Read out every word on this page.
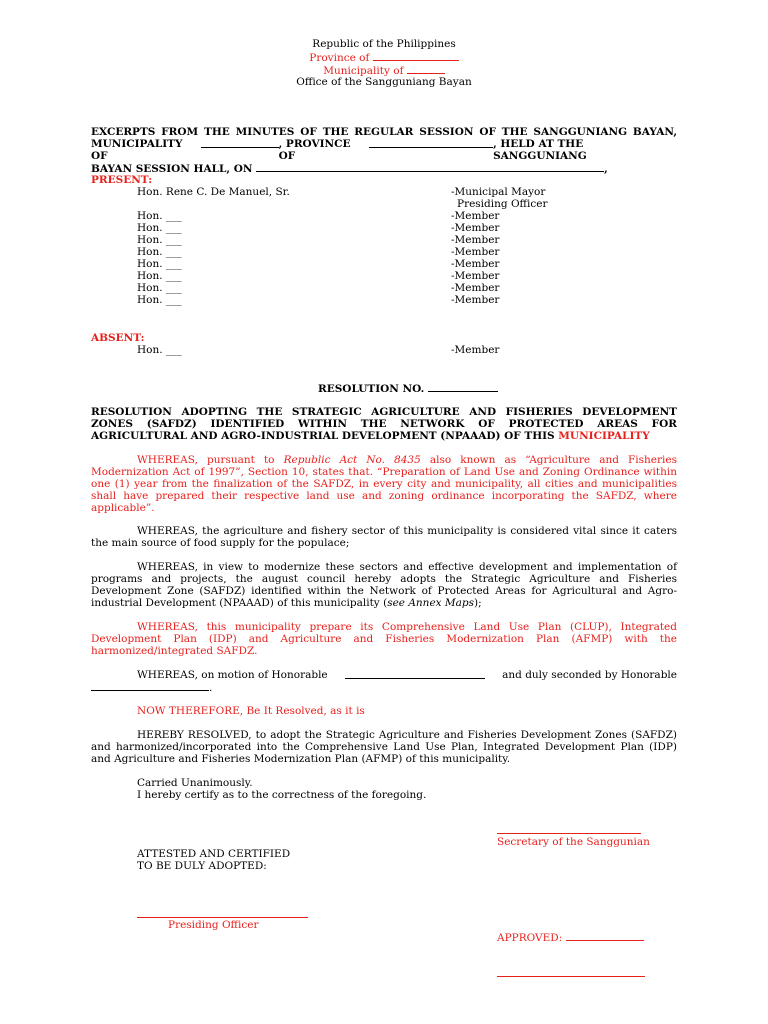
Republic of the Philippines
Province of
Municipality of
Office of the Sangguniang Bayan
EXCERPTS FROM THE MINUTES OF THE REGULAR SESSION OF THE SANGGUNIANG BAYAN,
MUNICIPALITY OF
, PROVINCE OF
, HELD AT THE SANGGUNIANG
BAYAN SESSION HALL, ON	,
PRESENT:
Hon. Rene C. De Manuel, Sr.	-Municipal Mayor
Presiding Officer
Hon. ___	-Member
Hon. ___	-Member
Hon. ___	-Member
Hon. ___	-Member
Hon. ___	-Member
Hon. ___	-Member
Hon. ___	-Member
Hon. ___	-Member
ABSENT:
Hon. ___	-Member
RESOLUTION NO.
RESOLUTION ADOPTING THE STRATEGIC AGRICULTURE AND FISHERIES DEVELOPMENT ZONES (SAFDZ) IDENTIFIED WITHIN THE NETWORK OF PROTECTED AREAS FOR AGRICULTURAL AND AGRO-INDUSTRIAL DEVELOPMENT (NPAAAD) OF THIS MUNICIPALITY
WHEREAS, pursuant to Republic Act No. 8435 also known as “Agriculture and Fisheries Modernization Act of 1997”, Section 10, states that. “Preparation of Land Use and Zoning Ordinance within one (1) year from the finalization of the SAFDZ, in every city and municipality, all cities and municipalities shall have prepared their respective land use and zoning ordinance incorporating the SAFDZ, where applicable”.
WHEREAS, the agriculture and fishery sector of this municipality is considered vital since it caters the main source of food supply for the populace;
WHEREAS, in view to modernize these sectors and effective development and implementation of programs and projects, the august council hereby adopts the Strategic Agriculture and Fisheries Development Zone (SAFDZ) identified within the Network of Protected Areas for Agricultural and Agro-industrial Development (NPAAAD) of this municipality (see Annex Maps);
WHEREAS, this municipality prepare its Comprehensive Land Use Plan (CLUP), Integrated Development Plan (IDP) and Agriculture and Fisheries Modernization Plan (AFMP) with the harmonized/integrated SAFDZ.
WHEREAS, on motion of Honorable	and duly seconded by Honorable
.
NOW THEREFORE, Be It Resolved, as it is
HEREBY RESOLVED, to adopt the Strategic Agriculture and Fisheries Development Zones (SAFDZ) and harmonized/incorporated into the Comprehensive Land Use Plan, Integrated Development Plan (IDP) and Agriculture and Fisheries Modernization Plan (AFMP) of this municipality.
Carried Unanimously.
I hereby certify as to the correctness of the foregoing.
Secretary of the Sanggunian
ATTESTED AND CERTIFIED
TO BE DULY ADOPTED:
Presiding Officer
APPROVED:
